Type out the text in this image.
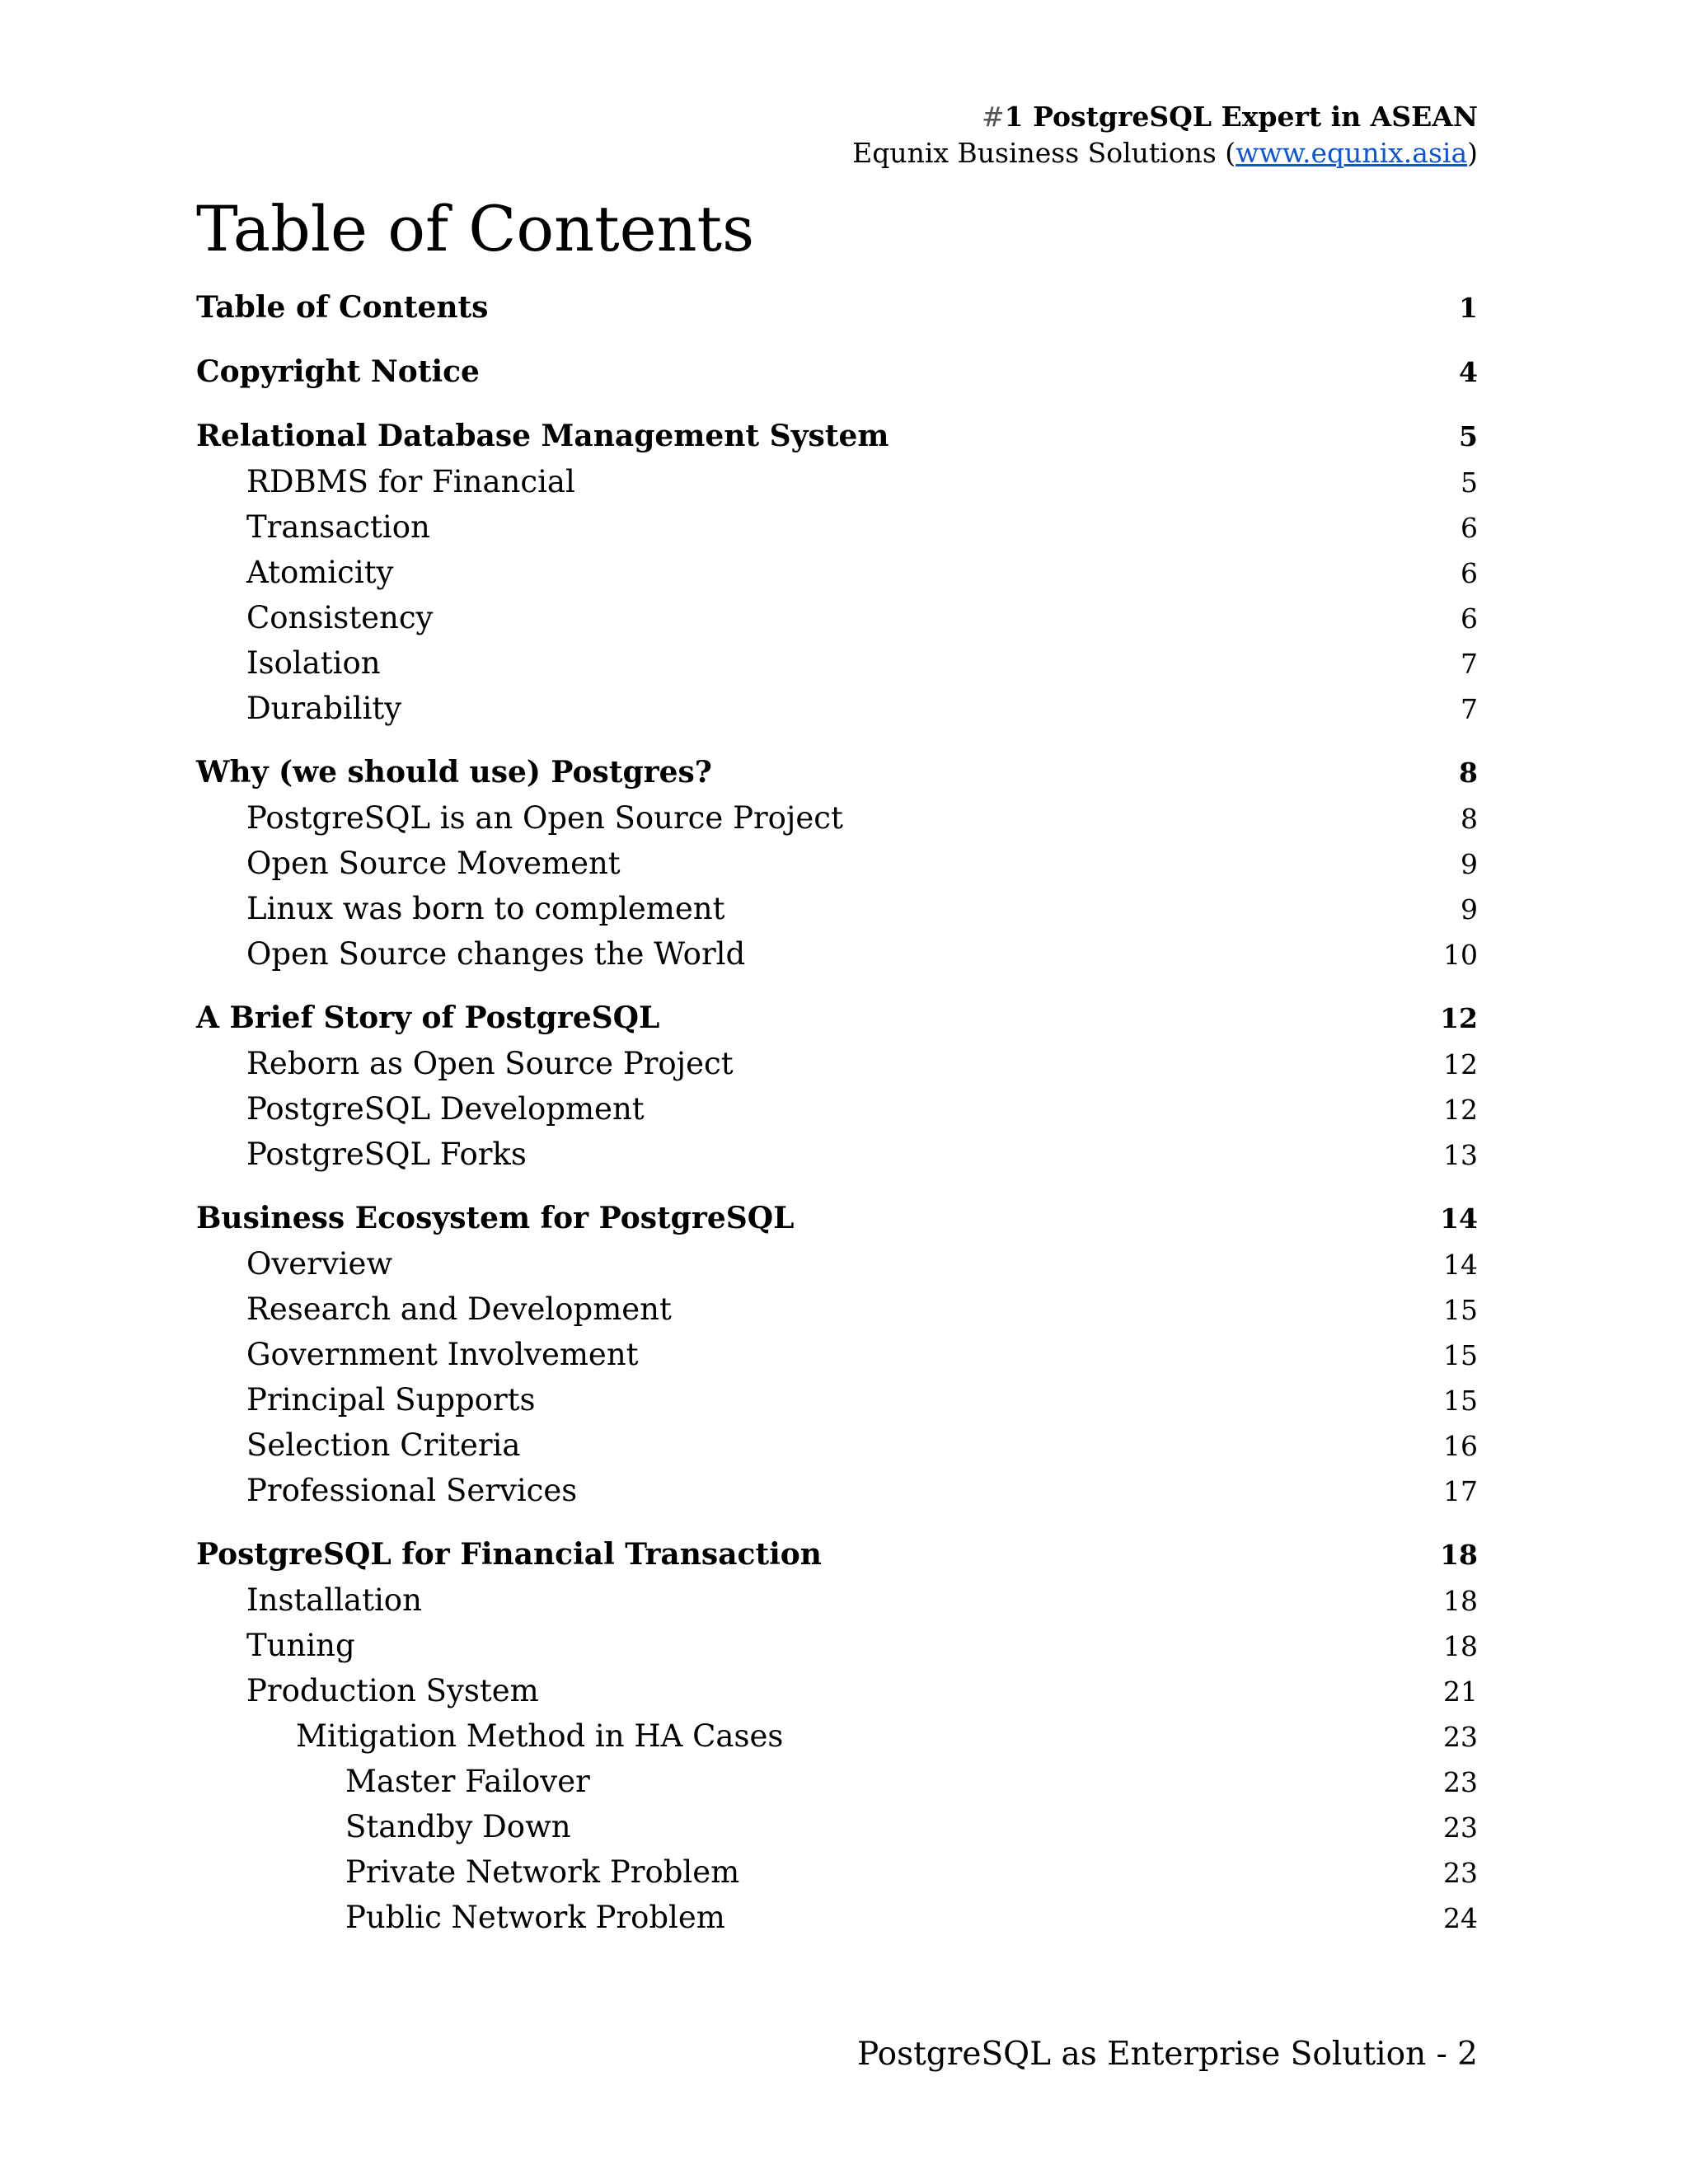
#1 PostgreSQL Expert in ASEAN
Equnix Business Solutions (www.equnix.asia)
Table of Contents
Table of Contents	1
Copyright Notice	4
Relational Database Management System	5
RDBMS for Financial	5
Transaction	6
Atomicity	6
Consistency	6
Isolation	7
Durability	7
Why (we should use) Postgres?	8
PostgreSQL is an Open Source Project	8
Open Source Movement	9
Linux was born to complement	9
Open Source changes the World	10
A Brief Story of PostgreSQL	12
Reborn as Open Source Project	12
PostgreSQL Development	12
PostgreSQL Forks	13
Business Ecosystem for PostgreSQL	14
Overview	14
Research and Development	15
Government Involvement	15
Principal Supports	15
Selection Criteria	16
Professional Services	17
PostgreSQL for Financial Transaction	18
Installation	18
Tuning	18
Production System	21
Mitigation Method in HA Cases	23
Master Failover	23
Standby Down	23
Private Network Problem	23
Public Network Problem	24
PostgreSQL as Enterprise Solution - 2
